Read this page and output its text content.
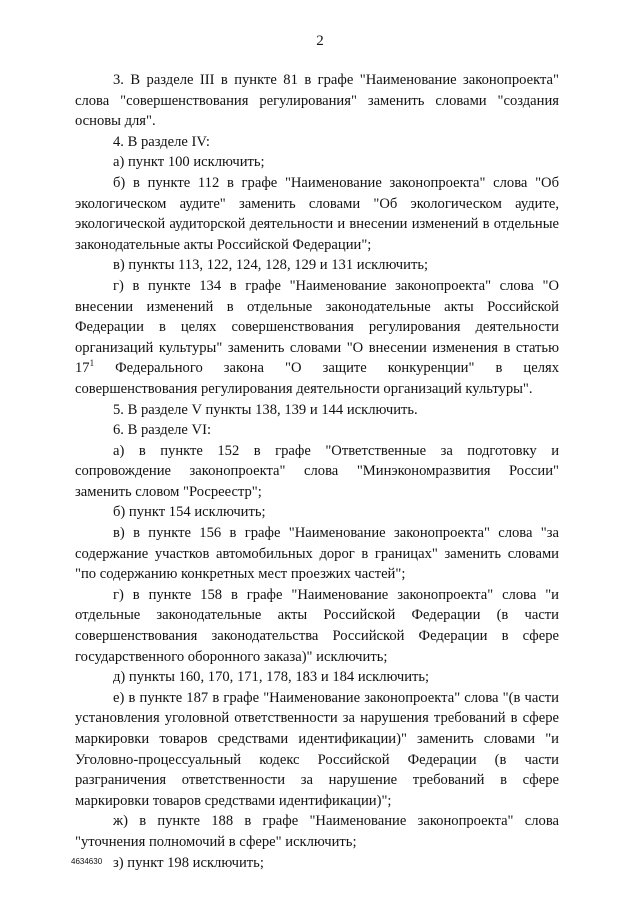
2

3. В разделе III в пункте 81 в графе "Наименование законопроекта" слова "совершенствования регулирования" заменить словами "создания основы для".

4. В разделе IV:

а) пункт 100 исключить;

б) в пункте 112 в графе "Наименование законопроекта" слова "Об экологическом аудите" заменить словами "Об экологическом аудите, экологической аудиторской деятельности и внесении изменений в отдельные законодательные акты Российской Федерации";

в) пункты 113, 122, 124, 128, 129 и 131 исключить;

г) в пункте 134 в графе "Наименование законопроекта" слова "О внесении изменений в отдельные законодательные акты Российской Федерации в целях совершенствования регулирования деятельности организаций культуры" заменить словами "О внесении изменения в статью $17^1$ Федерального закона "О защите конкуренции" в целях совершенствования регулирования деятельности организаций культуры".

5. В разделе V пункты 138, 139 и 144 исключить.

6. В разделе VI:

а) в пункте 152 в графе "Ответственные за подготовку и сопровождение законопроекта" слова "Минэкономразвития России" заменить словом "Росреестр";

б) пункт 154 исключить;

в) в пункте 156 в графе "Наименование законопроекта" слова "за содержание участков автомобильных дорог в границах" заменить словами "по содержанию конкретных мест проезжих частей";

г) в пункте 158 в графе "Наименование законопроекта" слова "и отдельные законодательные акты Российской Федерации (в части совершенствования законодательства Российской Федерации в сфере государственного оборонного заказа)" исключить;

д) пункты 160, 170, 171, 178, 183 и 184 исключить;

е) в пункте 187 в графе "Наименование законопроекта" слова "(в части установления уголовной ответственности за нарушения требований в сфере маркировки товаров средствами идентификации)" заменить словами "и Уголовно-процессуальный кодекс Российской Федерации (в части разграничения ответственности за нарушение требований в сфере маркировки товаров средствами идентификации)";

ж) в пункте 188 в графе "Наименование законопроекта" слова "уточнения полномочий в сфере" исключить;

з) пункт 198 исключить;

4634630
